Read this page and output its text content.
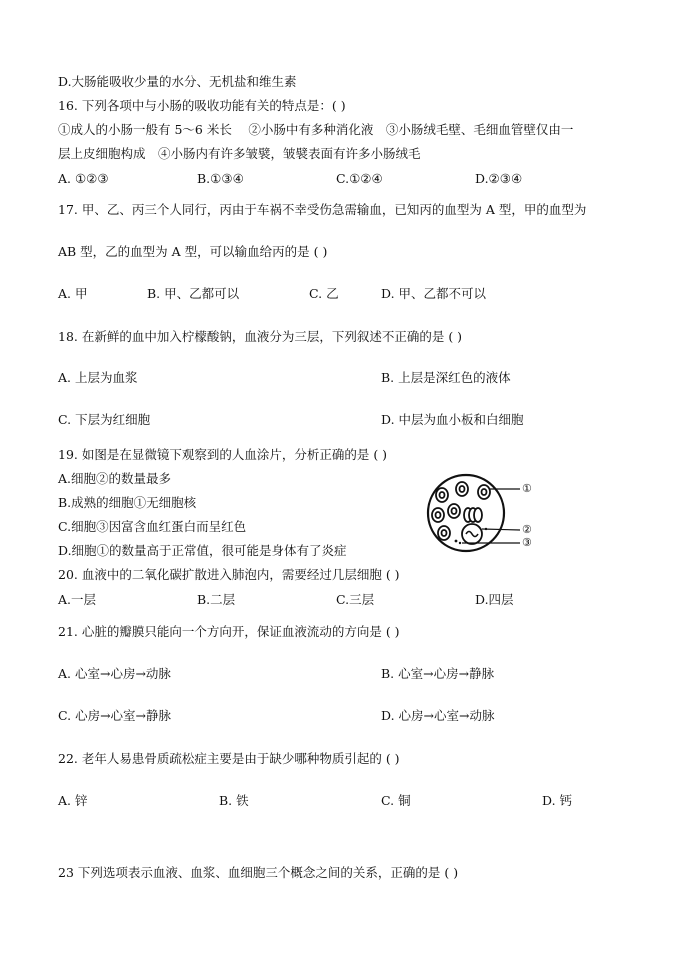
D.大肠能吸收少量的水分、无机盐和维生素
16. 下列各项中与小肠的吸收功能有关的特点是：( )
①成人的小肠一般有 5～6 米长　 ②小肠中有多种消化液　③小肠绒毛壁、毛细血管壁仅由一
层上皮细胞构成　④小肠内有许多皱襞，皱襞表面有许多小肠绒毛
A. ①②③	B.①③④	C.①②④	D.②③④
17. 甲、乙、丙三个人同行，丙由于车祸不幸受伤急需输血，已知丙的血型为 A 型，甲的血型为
AB 型，乙的血型为 A 型，可以输血给丙的是 ( )
A. 甲	B. 甲、乙都可以	C. 乙	D. 甲、乙都不可以
18. 在新鲜的血中加入柠檬酸钠，血液分为三层，下列叙述不正确的是 ( )
A. 上层为血浆	B. 上层是深红色的液体
C. 下层为红细胞	D. 中层为血小板和白细胞
19. 如图是在显微镜下观察到的人血涂片，分析正确的是 ( )
A.细胞②的数量最多
B.成熟的细胞①无细胞核
C.细胞③因富含血红蛋白而呈红色
D.细胞①的数量高于正常值，很可能是身体有了炎症
①
②
③
20. 血液中的二氧化碳扩散进入肺泡内，需要经过几层细胞 ( )
A.一层	B.二层	C.三层	D.四层
21. 心脏的瓣膜只能向一个方向开，保证血液流动的方向是 ( )
A. 心室→心房→动脉	B. 心室→心房→静脉
C. 心房→心室→静脉	D. 心房→心室→动脉
22. 老年人易患骨质疏松症主要是由于缺少哪种物质引起的 ( )
A. 锌	B. 铁	C. 铜	D. 钙
23 下列选项表示血液、血浆、血细胞三个概念之间的关系，正确的是 ( )
